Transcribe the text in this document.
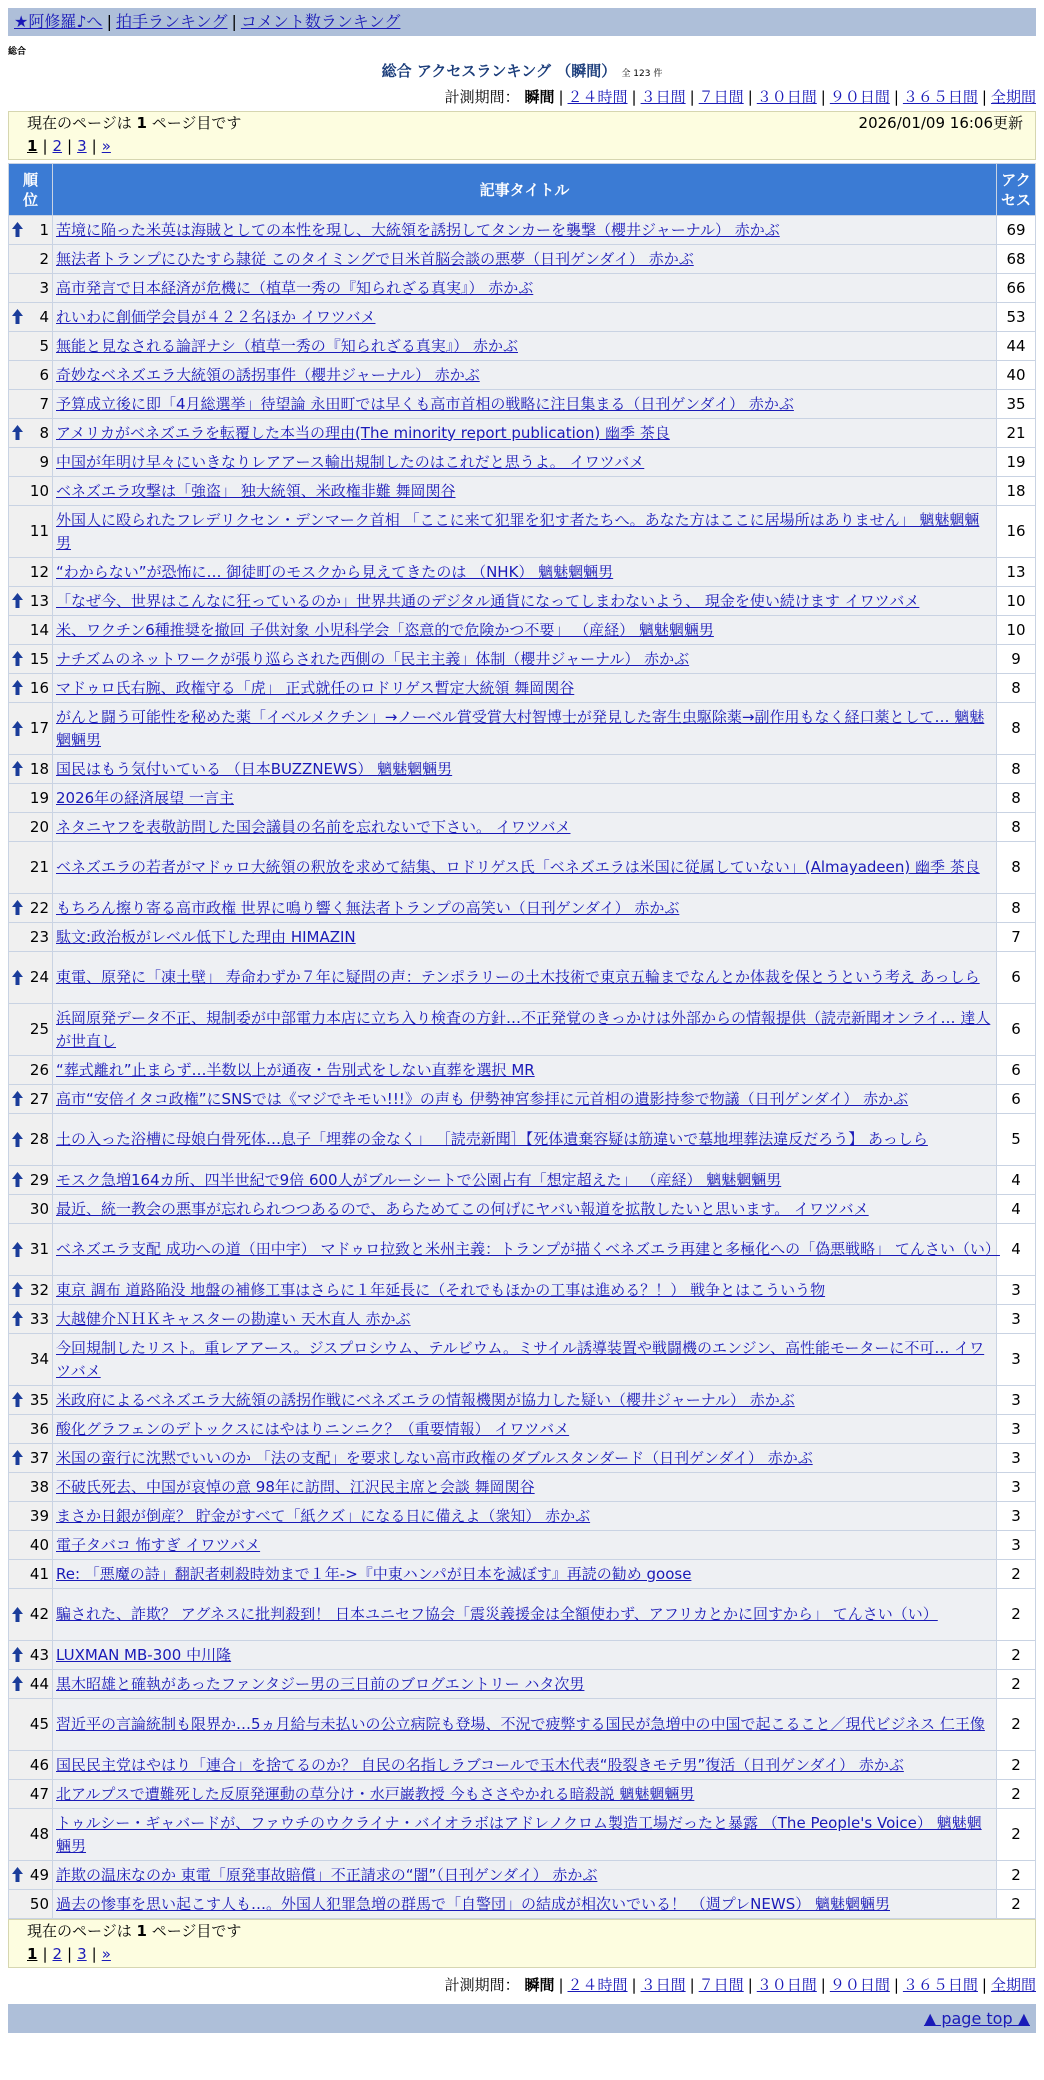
★阿修羅♪へ | 拍手ランキング | コメント数ランキング
総合
総合 アクセスランキング （瞬間） 全 123 件
計測期間： 瞬間 | ２４時間 | ３日間 | ７日間 | ３０日間 | ９０日間 | ３６５日間 | 全期間
現在のページは 1 ページ目です	2026/01/09 16:06更新
1 | 2 | 3 | »
順位	記事タイトル	アクセス

1	苦境に陥った米英は海賊としての本性を現し、大統領を誘拐してタンカーを襲撃（櫻井ジャーナル） 赤かぶ	69
2	無法者トランプにひたすら隷従 このタイミングで日米首脳会談の悪夢（日刊ゲンダイ） 赤かぶ	68
3	高市発言で日本経済が危機に（植草一秀の『知られざる真実』） 赤かぶ	66

4	れいわに創価学会員が４２２名ほか イワツバメ	53
5	無能と見なされる論評ナシ（植草一秀の『知られざる真実』） 赤かぶ	44
6	奇妙なベネズエラ大統領の誘拐事件（櫻井ジャーナル） 赤かぶ	40
7	予算成立後に即「4月総選挙」待望論 永田町では早くも高市首相の戦略に注目集まる（日刊ゲンダイ） 赤かぶ	35

8	アメリカがベネズエラを転覆した本当の理由(The minority report publication) 幽季 茶良	21
9	中国が年明け早々にいきなりレアアース輸出規制したのはこれだと思うよ。 イワツバメ	19
10	ベネズエラ攻撃は「強盗」 独大統領、米政権非難 舞岡関谷	18
11	外国人に殴られたフレデリクセン・デンマーク首相 「ここに来て犯罪を犯す者たちへ。あなた方はここに居場所はありません」 魑魅魍魎男	16
12	“わからない”が恐怖に… 御徒町のモスクから見えてきたのは （NHK） 魑魅魍魎男	13

13	「なぜ今、世界はこんなに狂っているのか」世界共通のデジタル通貨になってしまわないよう、 現金を使い続けます イワツバメ	10
14	米、ワクチン6種推奨を撤回 子供対象 小児科学会「恣意的で危険かつ不要」 （産経） 魑魅魍魎男	10

15	ナチズムのネットワークが張り巡らされた西側の「民主主義」体制（櫻井ジャーナル） 赤かぶ	9

16	マドゥロ氏右腕、政権守る「虎」 正式就任のロドリゲス暫定大統領 舞岡関谷	8

17	がんと闘う可能性を秘めた薬「イベルメクチン」→ノーベル賞受賞大村智博士が発見した寄生虫駆除薬→副作用もなく経口薬として… 魑魅魍魎男	8

18	国民はもう気付いている （日本BUZZNEWS） 魑魅魍魎男	8
19	2026年の経済展望 一言主	8
20	ネタニヤフを表敬訪問した国会議員の名前を忘れないで下さい。 イワツバメ	8
21	ベネズエラの若者がマドゥロ大統領の釈放を求めて結集、ロドリゲス氏「ベネズエラは米国に従属していない」(Almayadeen) 幽季 茶良	8

22	もちろん擦り寄る高市政権 世界に鳴り響く無法者トランプの高笑い（日刊ゲンダイ） 赤かぶ	8
23	駄文:政治板がレベル低下した理由 HIMAZIN	7

24	東電、原発に「凍土壁」 寿命わずか７年に疑問の声：テンポラリーの土木技術で東京五輪までなんとか体裁を保とうという考え あっしら	6
25	浜岡原発データ不正、規制委が中部電力本店に立ち入り検査の方針…不正発覚のきっかけは外部からの情報提供（読売新聞オンライ… 達人が世直し	6
26	“葬式離れ”止まらず…半数以上が通夜・告別式をしない直葬を選択 MR	6

27	高市“安倍イタコ政権”にSNSでは《マジでキモい!!!》の声も 伊勢神宮参拝に元首相の遺影持参で物議（日刊ゲンダイ） 赤かぶ	6

28	土の入った浴槽に母娘白骨死体…息子「埋葬の金なく」 ［読売新聞］【死体遺棄容疑は筋違いで墓地埋葬法違反だろう】 あっしら	5

29	モスク急増164カ所、四半世紀で9倍 600人がブルーシートで公園占有「想定超えた」 （産経） 魑魅魍魎男	4
30	最近、統一教会の悪事が忘れられつつあるので、あらためてこの何げにヤバい報道を拡散したいと思います。 イワツバメ	4

31	ベネズエラ支配 成功への道（田中宇） マドゥロ拉致と米州主義：トランプが描くベネズエラ再建と多極化への「偽悪戦略」 てんさい（い）	4

32	東京 調布 道路陥没 地盤の補修工事はさらに１年延長に（それでもほかの工事は進める？！） 戦争とはこういう物	3

33	大越健介ＮＨＫキャスターの勘違い 天木直人 赤かぶ	3
34	今回規制したリスト。重レアアース。ジスプロシウム、テルビウム。ミサイル誘導装置や戦闘機のエンジン、高性能モーターに不可… イワツバメ	3

35	米政府によるベネズエラ大統領の誘拐作戦にベネズエラの情報機関が協力した疑い（櫻井ジャーナル） 赤かぶ	3
36	酸化グラフェンのデトックスにはやはりニンニク？（重要情報） イワツバメ	3

37	米国の蛮行に沈黙でいいのか 「法の支配」を要求しない高市政権のダブルスタンダード（日刊ゲンダイ） 赤かぶ	3
38	不破氏死去、中国が哀悼の意 98年に訪問、江沢民主席と会談 舞岡関谷	3
39	まさか日銀が倒産？ 貯金がすべて「紙クズ」になる日に備えよ（衆知） 赤かぶ	3
40	電子タバコ 怖すぎ イワツバメ	3
41	Re: 「悪魔の詩」翻訳者刺殺時効まで１年->『中東ハンパが日本を滅ぼす』再読の勧め goose	2

42	騙された、詐欺？ アグネスに批判殺到！ 日本ユニセフ協会「震災義援金は全額使わず、アフリカとかに回すから」 てんさい（い）	2

43	LUXMAN MB-300 中川隆	2

44	黒木昭雄と確執があったファンタジー男の三日前のブログエントリー ハタ次男	2
45	習近平の言論統制も限界か…5ヵ月給与未払いの公立病院も登場、不況で疲弊する国民が急増中の中国で起こること／現代ビジネス 仁王像	2
46	国民民主党はやはり「連合」を捨てるのか？ 自民の名指しラブコールで玉木代表“股裂きモテ男”復活（日刊ゲンダイ） 赤かぶ	2
47	北アルプスで遭難死した反原発運動の草分け・水戸巌教授 今もささやかれる暗殺説 魑魅魍魎男	2
48	トゥルシー・ギャバードが、ファウチのウクライナ・バイオラボはアドレノクロム製造工場だったと暴露 （The People's Voice） 魑魅魍魎男	2

49	詐欺の温床なのか 東電「原発事故賠償」不正請求の“闇”（日刊ゲンダイ） 赤かぶ	2
50	過去の惨事を思い起こす人も…。外国人犯罪急増の群馬で「自警団」の結成が相次いでいる！ （週プレNEWS） 魑魅魍魎男	2
現在のページは 1 ページ目です
1 | 2 | 3 | »
計測期間： 瞬間 | ２４時間 | ３日間 | ７日間 | ３０日間 | ９０日間 | ３６５日間 | 全期間
▲ page top ▲
